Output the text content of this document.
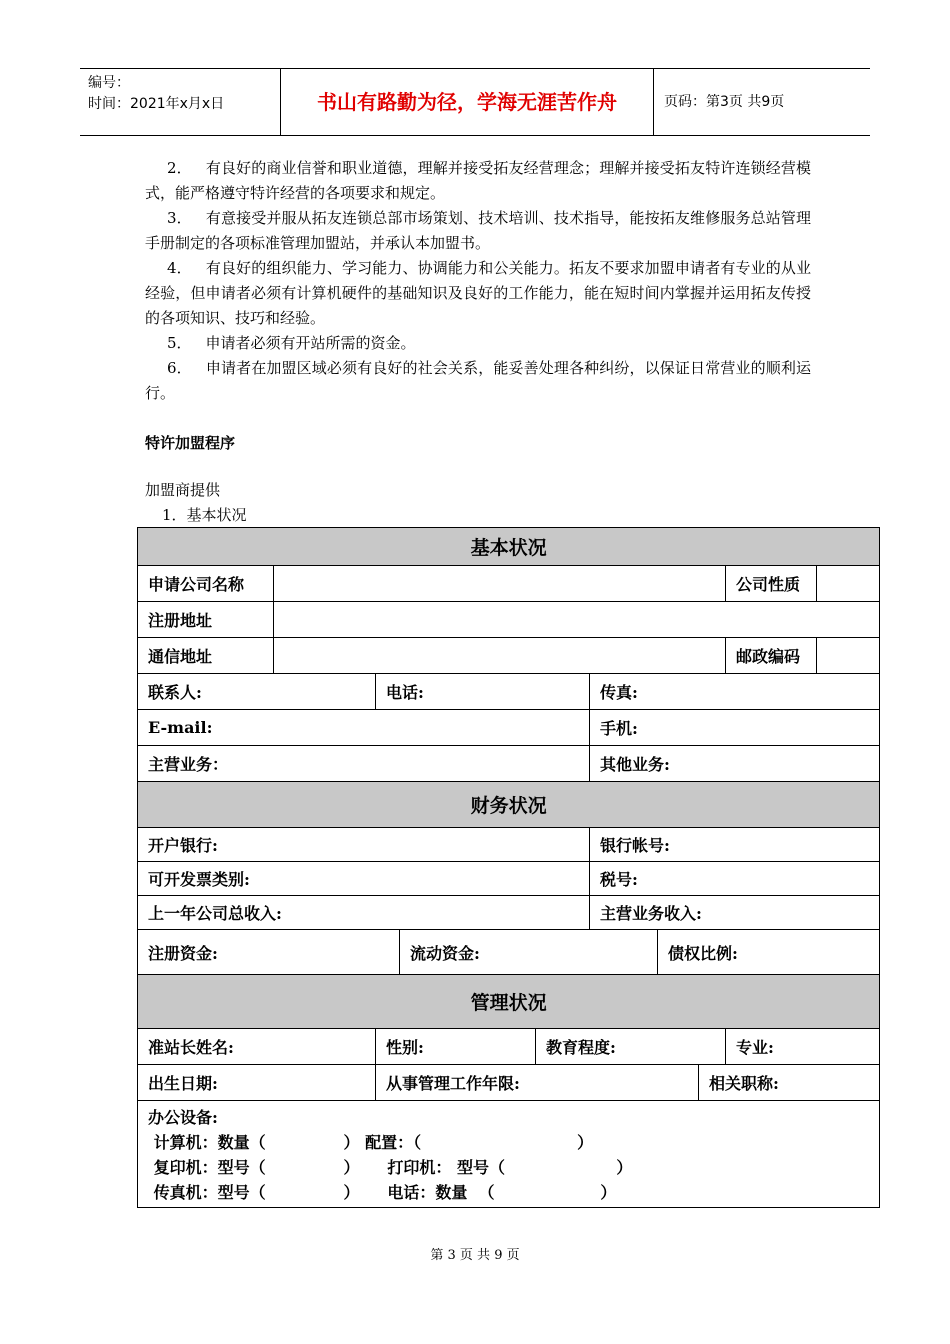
编号：
时间：2021年x月x日	书山有路勤为径，学海无涯苦作舟	页码：第3页 共9页

2． 有良好的商业信誉和职业道德，理解并接受拓友经营理念；理解并接受拓友特许连锁经营模式，能严格遵守特许经营的各项要求和规定。

3． 有意接受并服从拓友连锁总部市场策划、技术培训、技术指导，能按拓友维修服务总站管理手册制定的各项标准管理加盟站，并承认本加盟书。

4． 有良好的组织能力、学习能力、协调能力和公关能力。拓友不要求加盟申请者有专业的从业经验，但申请者必须有计算机硬件的基础知识及良好的工作能力，能在短时间内掌握并运用拓友传授的各项知识、技巧和经验。

5． 申请者必须有开站所需的资金。

6． 申请者在加盟区域必须有良好的社会关系，能妥善处理各种纠纷，以保证日常营业的顺利运行。

特许加盟程序
加盟商提供
1．基本状况
基本状况									
申请公司名称								公司性质	
注册地址									
通信地址								邮政编码	
联系人:		电话:			传真:				
E-mail:					手机:				
主营业务：					其他业务:				
财务状况									
开户银行:					银行帐号:				
可开发票类别:					税号:				
上一年公司总收入:					主营业务收入:				
注册资金:			流动资金:			债权比例:			
管理状况									
准站长姓名:		性别:		教育程度:				专业:	
出生日期:		从事管理工作年限:					相关职称:		

办公设备:
计算机：数量（              ） 配置：（                            ）
复印机：型号（              ）     打印机： 型号（                    ）
传真机：型号（              ）     电话：数量  （                   ）									
第 3 页 共 9 页
